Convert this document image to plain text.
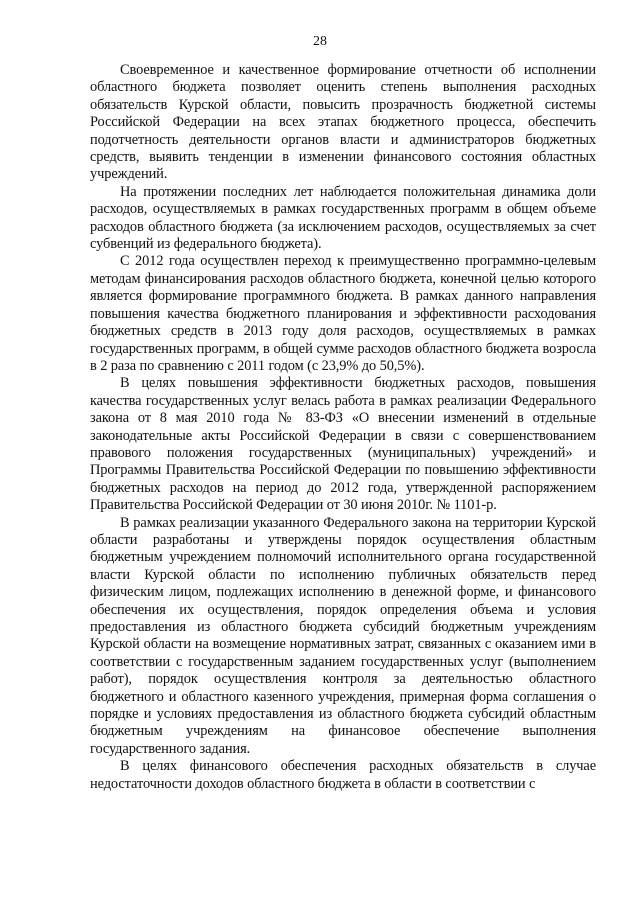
28

Своевременное и качественное формирование отчетности об исполнении областного бюджета позволяет оценить степень выполнения расходных обязательств Курской области, повысить прозрачность бюджетной системы Российской Федерации на всех этапах бюджетного процесса, обеспечить подотчетность деятельности органов власти и администраторов бюджетных средств, выявить тенденции в изменении финансового состояния областных учреждений.

На протяжении последних лет наблюдается положительная динамика доли расходов, осуществляемых в рамках государственных программ в общем объеме расходов областного бюджета (за исключением расходов, осуществляемых за счет субвенций из федерального бюджета).

С 2012 года осуществлен переход к преимущественно программно-целевым методам финансирования расходов областного бюджета, конечной целью которого является формирование программного бюджета. В рамках данного направления повышения качества бюджетного планирования и эффективности расходования бюджетных средств в 2013 году доля расходов, осуществляемых в рамках государственных программ, в общей сумме расходов областного бюджета возросла в 2 раза по сравнению с 2011 годом (с 23,9% до 50,5%).

В целях повышения эффективности бюджетных расходов, повышения качества государственных услуг велась работа в рамках реализации Федерального закона от 8 мая 2010 года № 83-ФЗ «О внесении изменений в отдельные законодательные акты Российской Федерации в связи с совершенствованием правового положения государственных (муниципальных) учреждений» и Программы Правительства Российской Федерации по повышению эффективности бюджетных расходов на период до 2012 года, утвержденной распоряжением Правительства Российской Федерации от 30 июня 2010г. № 1101-р.

В рамках реализации указанного Федерального закона на территории Курской области разработаны и утверждены порядок осуществления областным бюджетным учреждением полномочий исполнительного органа государственной власти Курской области по исполнению публичных обязательств перед физическим лицом, подлежащих исполнению в денежной форме, и финансового обеспечения их осуществления, порядок определения объема и условия предоставления из областного бюджета субсидий бюджетным учреждениям Курской области на возмещение нормативных затрат, связанных с оказанием ими в соответствии с государственным заданием государственных услуг (выполнением работ), порядок осуществления контроля за деятельностью областного бюджетного и областного казенного учреждения, примерная форма соглашения о порядке и условиях предоставления из областного бюджета субсидий областным бюджетным учреждениям на финансовое обеспечение выполнения государственного задания.

В целях финансового обеспечения расходных обязательств в случае недостаточности доходов областного бюджета в области в соответствии с
